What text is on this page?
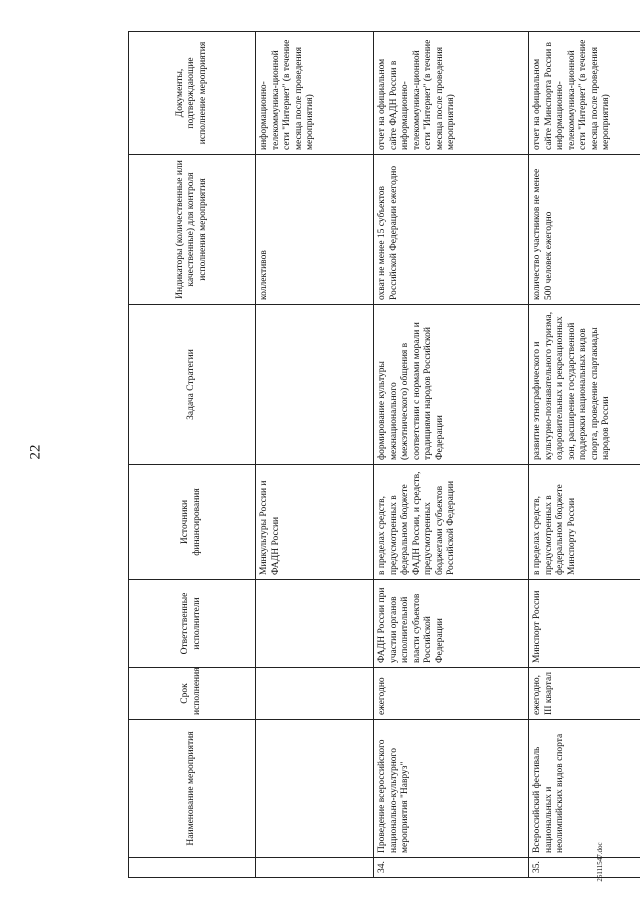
22
	Наименование мероприятия	Срок исполнения	Ответственные исполнители	Источники финансирования	Задача Стратегии	Индикаторы (количественные или качественные) для контроля исполнения мероприятия	Документы, подтверждающие исполнение мероприятия
				Минкультуры России и ФАДН России		коллективов	информационно-телекоммуника-ционной сети "Интернет" (в течение месяца после проведения мероприятия)
34.	Проведение всероссийского национально-культурного мероприятия "Навруз"	ежегодно	ФАДН России при участии органов исполнительной власти субъектов Российской Федерации	в пределах средств, предусмотренных в федеральном бюджете ФАДН России, и средств, предусмотренных бюджетами субъектов Российской Федерации	формирование культуры межнационального (межэтнического) общения в соответствии с нормами морали и традициями народов Российской Федерации	охват не менее 15 субъектов Российской Федерации ежегодно	отчет на официальном сайте ФАДН России в информационно-телекоммуника-ционной сети "Интернет" (в течение месяца после проведения мероприятия)
35.	Всероссийский фестиваль национальных и неолимпийских видов спорта	ежегодно, III квартал	Минспорт России	в пределах средств, предусмотренных в федеральном бюджете Минспорту России	развитие этнографического и культурно-познавательного туризма, оздоровительных и рекреационных зон, расширение государственной поддержки национальных видов спорта, проведение спартакиады народов России	количество участников не менее 500 человек ежегодно	отчет на официальном сайте Минспорта России в информационно-телекоммуника-ционной сети "Интернет" (в течение месяца после проведения мероприятия)
25111547.doc
